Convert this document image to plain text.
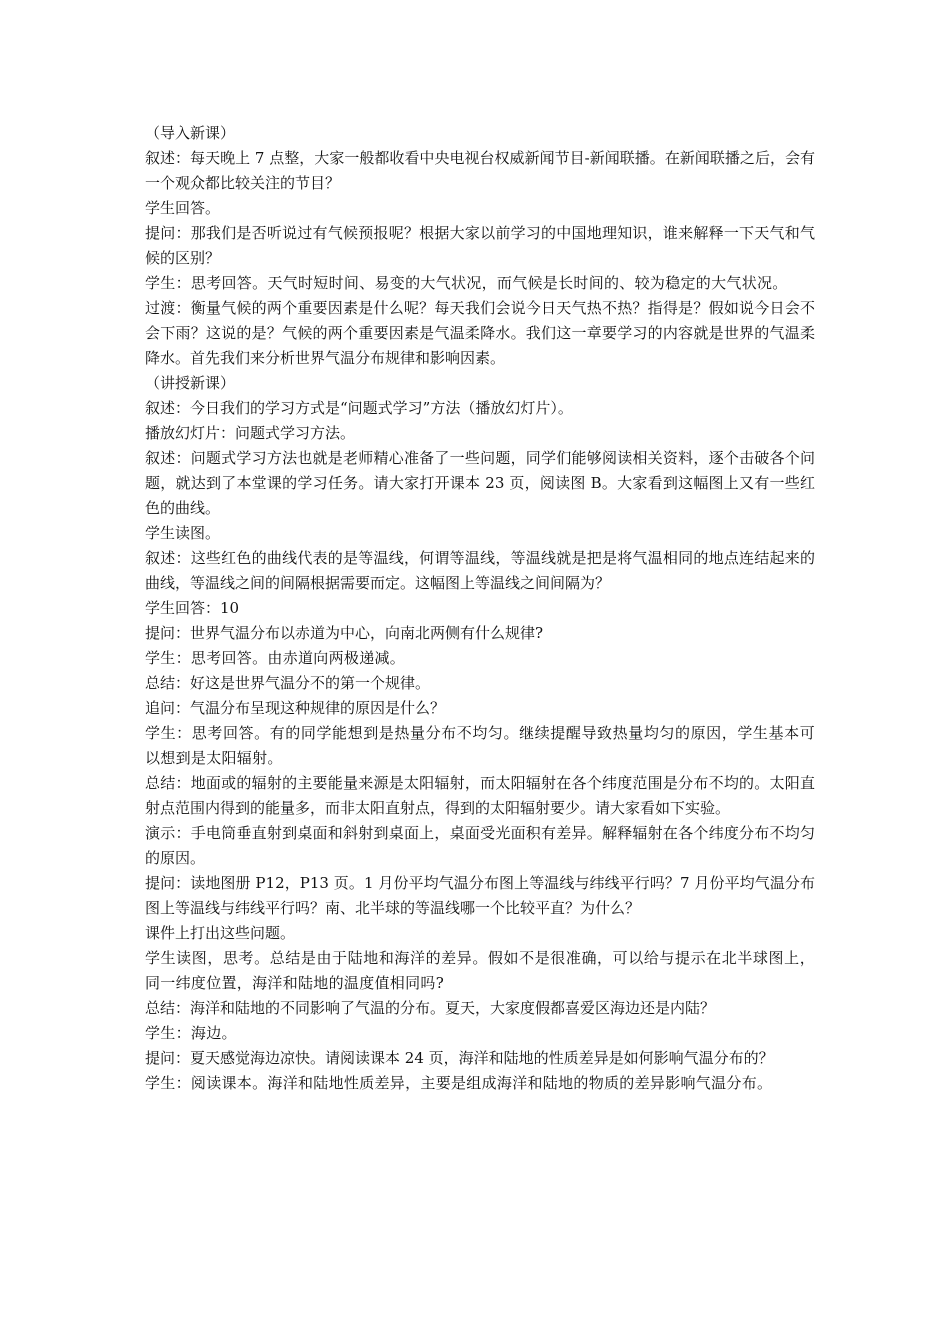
（导入新课）

叙述：每天晚上 7 点整，大家一般都收看中央电视台权威新闻节目-新闻联播。在新闻联播之后，会有一个观众都比较关注的节目？

学生回答。

提问：那我们是否听说过有气候预报呢？根据大家以前学习的中国地理知识，谁来解释一下天气和气候的区别？

学生：思考回答。天气时短时间、易变的大气状况，而气候是长时间的、较为稳定的大气状况。

过渡：衡量气候的两个重要因素是什么呢？每天我们会说今日天气热不热？指得是？假如说今日会不会下雨？这说的是？气候的两个重要因素是气温柔降水。我们这一章要学习的内容就是世界的气温柔降水。首先我们来分析世界气温分布规律和影响因素。

（讲授新课）

叙述：今日我们的学习方式是“问题式学习”方法（播放幻灯片）。

播放幻灯片：问题式学习方法。

叙述：问题式学习方法也就是老师精心准备了一些问题，同学们能够阅读相关资料，逐个击破各个问题，就达到了本堂课的学习任务。请大家打开课本 23 页，阅读图 B。大家看到这幅图上又有一些红色的曲线。

学生读图。

叙述：这些红色的曲线代表的是等温线，何谓等温线，等温线就是把是将气温相同的地点连结起来的曲线，等温线之间的间隔根据需要而定。这幅图上等温线之间间隔为？

学生回答：10

提问：世界气温分布以赤道为中心，向南北两侧有什么规律?

学生：思考回答。由赤道向两极递减。

总结：好这是世界气温分不的第一个规律。

追问：气温分布呈现这种规律的原因是什么？

学生：思考回答。有的同学能想到是热量分布不均匀。继续提醒导致热量均匀的原因，学生基本可以想到是太阳辐射。

总结：地面或的辐射的主要能量来源是太阳辐射，而太阳辐射在各个纬度范围是分布不均的。太阳直射点范围内得到的能量多，而非太阳直射点，得到的太阳辐射要少。请大家看如下实验。

演示：手电筒垂直射到桌面和斜射到桌面上，桌面受光面积有差异。解释辐射在各个纬度分布不均匀的原因。

提问：读地图册 P12，P13 页。1 月份平均气温分布图上等温线与纬线平行吗？7 月份平均气温分布图上等温线与纬线平行吗？南、北半球的等温线哪一个比较平直？为什么？

课件上打出这些问题。

学生读图，思考。总结是由于陆地和海洋的差异。假如不是很准确，可以给与提示在北半球图上，同一纬度位置，海洋和陆地的温度值相同吗?

总结：海洋和陆地的不同影响了气温的分布。夏天，大家度假都喜爱区海边还是内陆？

学生：海边。

提问：夏天感觉海边凉快。请阅读课本 24 页，海洋和陆地的性质差异是如何影响气温分布的？

学生：阅读课本。海洋和陆地性质差异，主要是组成海洋和陆地的物质的差异影响气温分布。
